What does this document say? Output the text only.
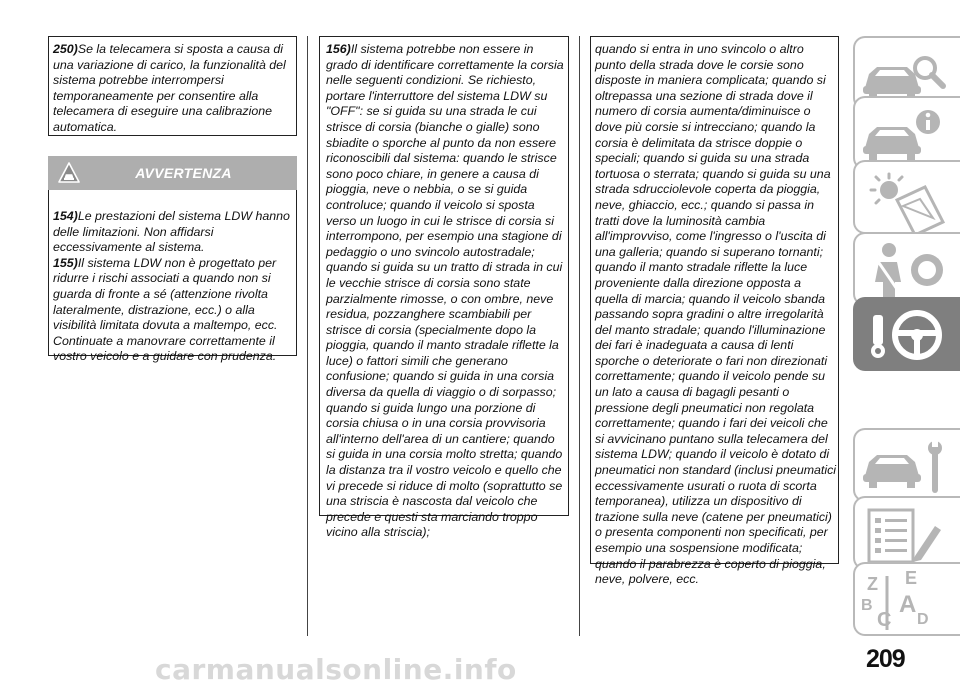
250)Se la telecamera si sposta a causa di una variazione di carico, la funzionalità del sistema potrebbe interrompersi temporaneamente per consentire alla telecamera di eseguire una calibrazione automatica.

AVVERTENZA

154)Le prestazioni del sistema LDW hanno delle limitazioni. Non affidarsi eccessivamente al sistema.

155)Il sistema LDW non è progettato per ridurre i rischi associati a quando non si guarda di fronte a sé (attenzione rivolta lateralmente, distrazione, ecc.) o alla visibilità limitata dovuta a maltempo, ecc. Continuate a manovrare correttamente il vostro veicolo e a guidare con prudenza.

156)Il sistema potrebbe non essere in grado di identificare correttamente la corsia nelle seguenti condizioni. Se richiesto, portare l'interruttore del sistema LDW su "OFF": se si guida su una strada le cui strisce di corsia (bianche o gialle) sono sbiadite o sporche al punto da non essere riconoscibili dal sistema: quando le strisce sono poco chiare, in genere a causa di pioggia, neve o nebbia, o se si guida controluce; quando il veicolo si sposta verso un luogo in cui le strisce di corsia si interrompono, per esempio una stagione di pedaggio o uno svincolo autostradale; quando si guida su un tratto di strada in cui le vecchie strisce di corsia sono state parzialmente rimosse, o con ombre, neve residua, pozzanghere scambiabili per strisce di corsia (specialmente dopo la pioggia, quando il manto stradale riflette la luce) o fattori simili che generano confusione; quando si guida in una corsia diversa da quella di viaggio o di sorpasso; quando si guida lungo una porzione di corsia chiusa o in una corsia provvisoria all'interno dell'area di un cantiere; quando si guida in una corsia molto stretta; quando la distanza tra il vostro veicolo e quello che vi precede si riduce di molto (soprattutto se una striscia è nascosta dal veicolo che precede e questi sta marciando troppo vicino alla striscia);

quando si entra in uno svincolo o altro punto della strada dove le corsie sono disposte in maniera complicata; quando si oltrepassa una sezione di strada dove il numero di corsia aumenta/diminuisce o dove più corsie si intrecciano; quando la corsia è delimitata da strisce doppie o speciali; quando si guida su una strada tortuosa o sterrata; quando si guida su una strada sdrucciolevole coperta da pioggia, neve, ghiaccio, ecc.; quando si passa in tratti dove la luminosità cambia all'improvviso, come l'ingresso o l'uscita di una galleria; quando si superano tornanti; quando il manto stradale riflette la luce proveniente dalla direzione opposta a quella di marcia; quando il veicolo sbanda passando sopra gradini o altre irregolarità del manto stradale; quando l'illuminazione dei fari è inadeguata a causa di lenti sporche o deteriorate o fari non direzionati correttamente; quando il veicolo pende su un lato a causa di bagagli pesanti o pressione degli pneumatici non regolata correttamente; quando i fari dei veicoli che si avvicinano puntano sulla telecamera del sistema LDW; quando il veicolo è dotato di pneumatici non standard (inclusi pneumatici eccessivamente usurati o ruota di scorta temporanea), utilizza un dispositivo di trazione sulla neve (catene per pneumatici) o presenta componenti non specificati, per esempio una sospensione modificata; quando il parabrezza è coperto di pioggia, neve, polvere, ecc.	Z E
B A
C D
209
carmanualsonline.info
